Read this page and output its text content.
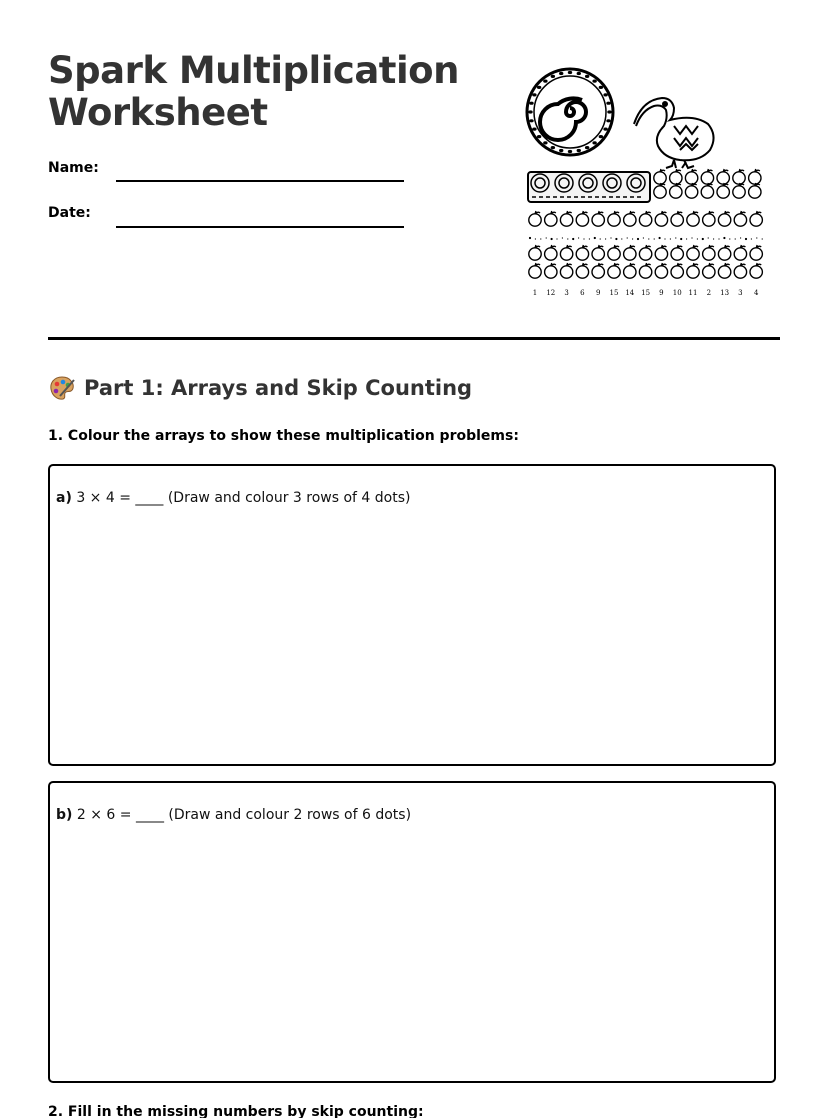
Spark Multiplication
Worksheet
Name:
Date:
1 12 3 6 9 15 14 15 9 10 11 2 13 3 4
Part 1: Arrays and Skip Counting

1. Colour the arrays to show these multiplication problems:

a) 3 × 4 = ____ (Draw and colour 3 rows of 4 dots)
b) 2 × 6 = ____ (Draw and colour 2 rows of 6 dots)

2. Fill in the missing numbers by skip counting:
